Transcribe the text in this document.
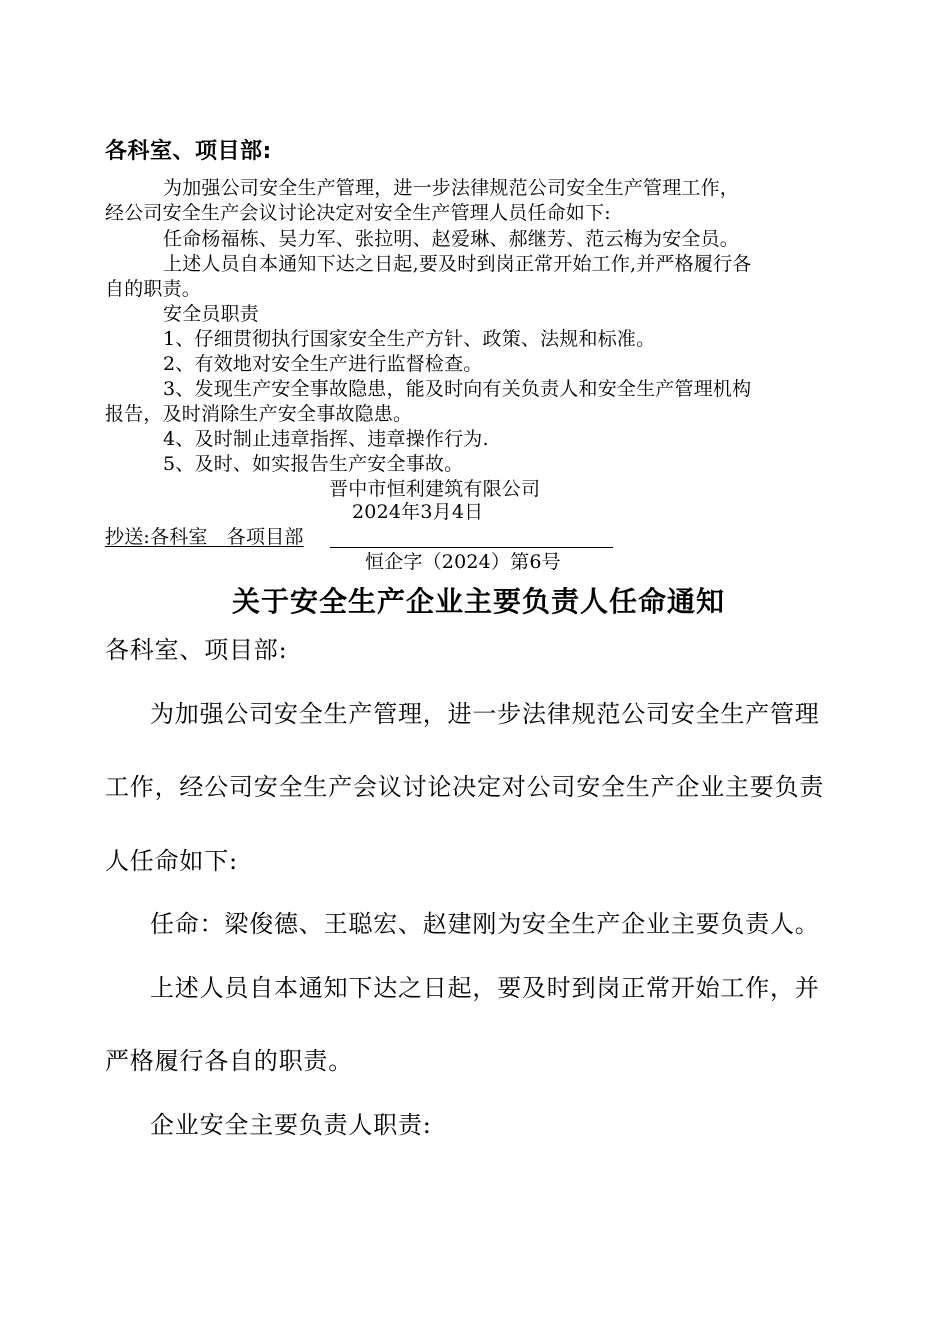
各科室、项目部:
为加强公司安全生产管理，进一步法律规范公司安全生产管理工作，
经公司安全生产会议讨论决定对安全生产管理人员任命如下:
任命杨福栋、吴力军、张拉明、赵爱琳、郝继芳、范云梅为安全员。
上述人员自本通知下达之日起,要及时到岗正常开始工作,并严格履行各
自的职责。
安全员职责
1、仔细贯彻执行国家安全生产方针、政策、法规和标准。
2、有效地对安全生产进行监督检查。
3、发现生产安全事故隐患，能及时向有关负责人和安全生产管理机构
报告，及时消除生产安全事故隐患。
4、及时制止违章指挥、违章操作行为.
5、及时、如实报告生产安全事故。
晋中市恒利建筑有限公司
2024年3月4日
抄送:各科室　各项目部
恒企字（2024）第6号
关于安全生产企业主要负责人任命通知
各科室、项目部:
为加强公司安全生产管理，进一步法律规范公司安全生产管理
工作，经公司安全生产会议讨论决定对公司安全生产企业主要负责
人任命如下:
任命：梁俊德、王聪宏、赵建刚为安全生产企业主要负责人。
上述人员自本通知下达之日起，要及时到岗正常开始工作，并
严格履行各自的职责。
企业安全主要负责人职责:
